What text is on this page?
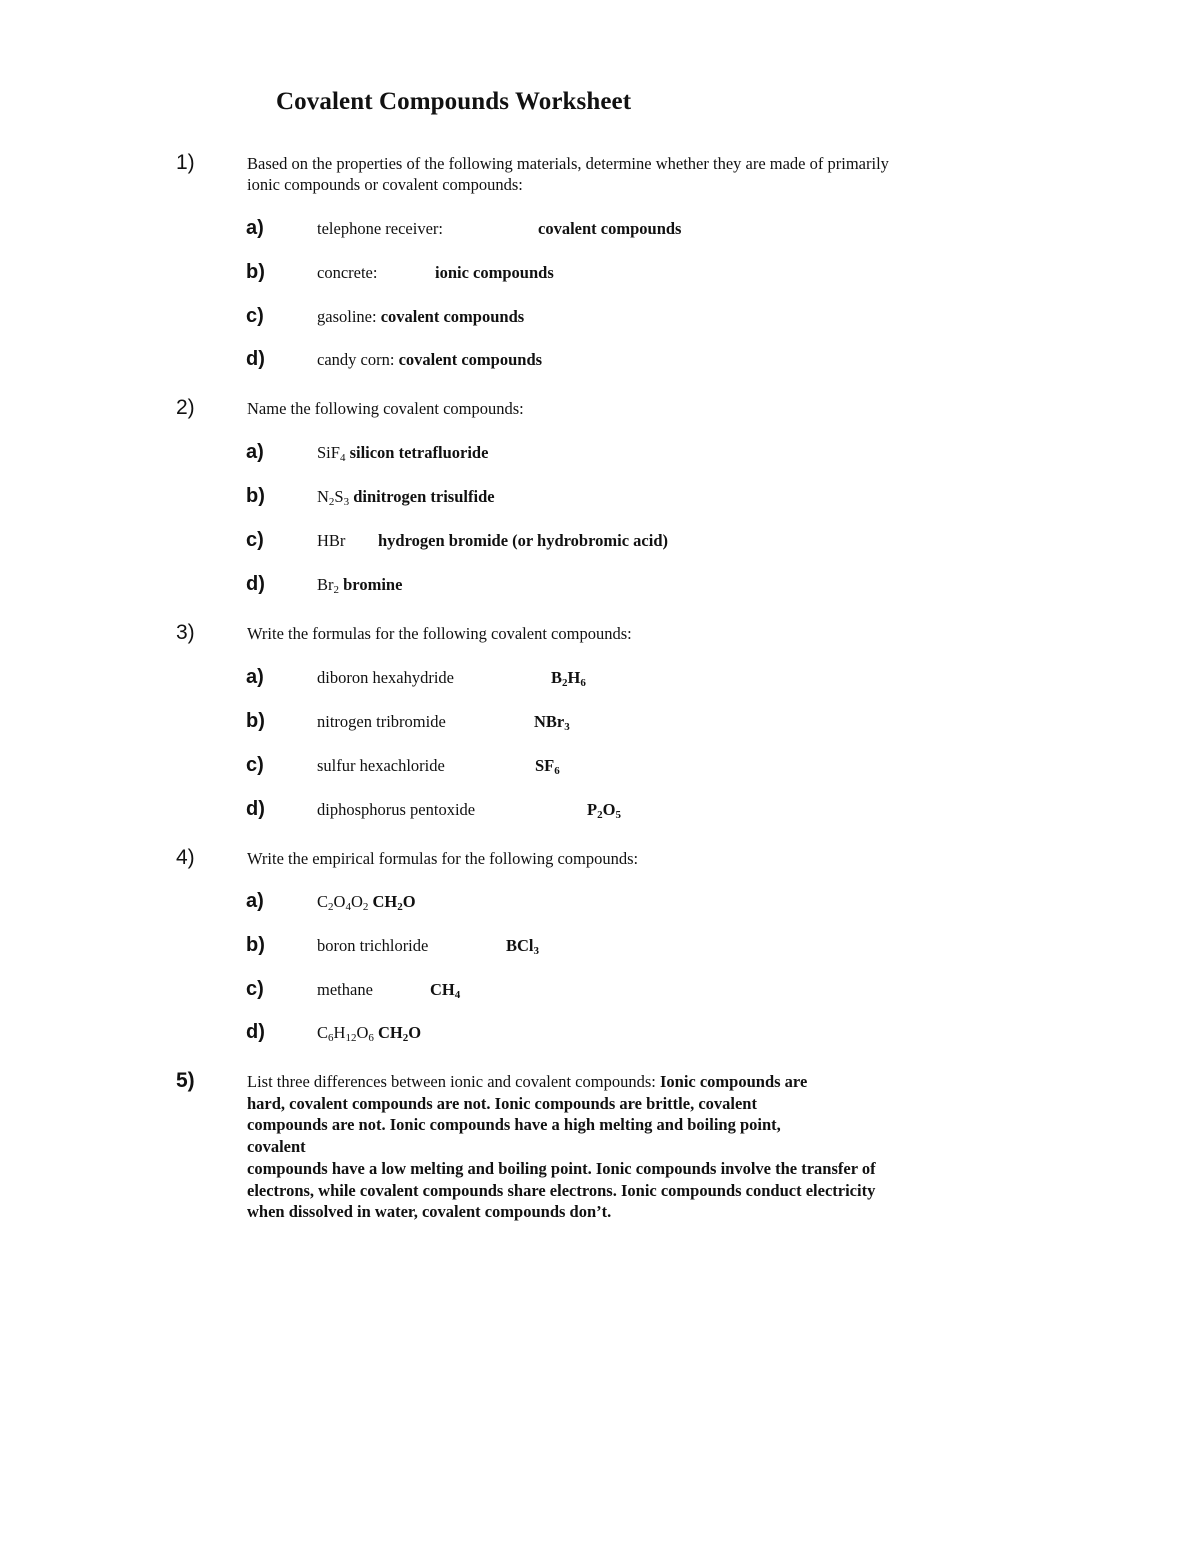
Covalent Compounds Worksheet
1)	Based on the properties of the following materials, determine whether they are made of primarily
ionic compounds or covalent compounds:
a)	telephone receiver:	covalent compounds
b)	concrete:	ionic compounds
c)	gasoline: covalent compounds
d)	candy corn: covalent compounds
2)	Name the following covalent compounds:
a)	SiF$_4$ silicon tetrafluoride
b)	$N_2S_3$ dinitrogen trisulfide
c)	HBr hydrogen bromide (or hydrobromic acid)
d)	$Br_2$ bromine
3)	Write the formulas for the following covalent compounds:
a)	diboron hexahydride	$B_2H_6$
b)	nitrogen tribromide	NBr$_3$
c)	sulfur hexachloride	$SF_6$
d)	diphosphorus pentoxide	$P_2O_5$
4)	Write the empirical formulas for the following compounds:
a)	$C_2O_4O_2$ $CH_2O$
b)	boron trichloride	BCl$_3$
c)	methane	$CH_4$
d)	$C_6H_{12}O_6$ $CH_2O$
5)	List three differences between ionic and covalent compounds: Ionic compounds are
hard, covalent compounds are not. Ionic compounds are brittle, covalent
compounds are not. Ionic compounds have a high melting and boiling point,
covalent
compounds have a low melting and boiling point. Ionic compounds involve the transfer of
electrons, while covalent compounds share electrons. Ionic compounds conduct electricity
when dissolved in water, covalent compounds don’t.
